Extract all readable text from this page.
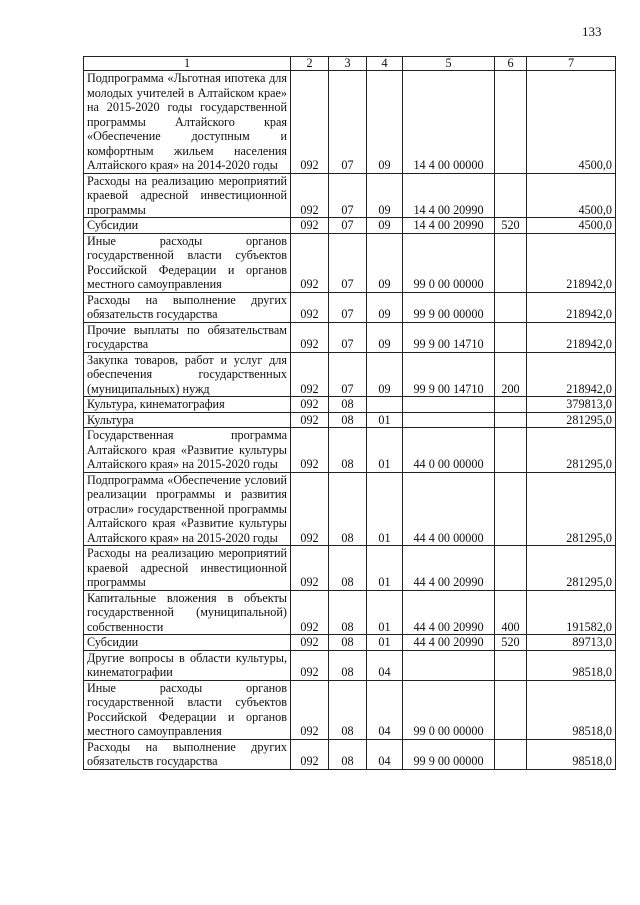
133
1	2	3	4	5	6	7
Подпрограмма «Льготная ипотека для молодых учителей в Алтайском крае» на 2015-2020 годы государственной программы Алтайского края «Обеспечение доступным и комфортным жильем населения Алтайского края» на 2014-2020 годы	092	07	09	14 4 00 00000		4500,0
Расходы на реализацию мероприятий краевой адресной инвестиционной программы	092	07	09	14 4 00 20990		4500,0
Субсидии	092	07	09	14 4 00 20990	520	4500,0
Иные расходы органов государственной власти субъектов Российской Федерации и органов местного самоуправления	092	07	09	99 0 00 00000		218942,0
Расходы на выполнение других обязательств государства	092	07	09	99 9 00 00000		218942,0
Прочие выплаты по обязательствам государства	092	07	09	99 9 00 14710		218942,0
Закупка товаров, работ и услуг для обеспечения государственных (муниципальных) нужд	092	07	09	99 9 00 14710	200	218942,0
Культура, кинематография	092	08				379813,0
Культура	092	08	01			281295,0
Государственная программа Алтайского края «Развитие культуры Алтайского края» на 2015-2020 годы	092	08	01	44 0 00 00000		281295,0
Подпрограмма «Обеспечение условий реализации программы и развития отрасли» государственной программы Алтайского края «Развитие культуры Алтайского края» на 2015-2020 годы	092	08	01	44 4 00 00000		281295,0
Расходы на реализацию мероприятий краевой адресной инвестиционной программы	092	08	01	44 4 00 20990		281295,0
Капитальные вложения в объекты государственной (муниципальной) собственности	092	08	01	44 4 00 20990	400	191582,0
Субсидии	092	08	01	44 4 00 20990	520	89713,0
Другие вопросы в области культуры, кинематографии	092	08	04			98518,0
Иные расходы органов государственной власти субъектов Российской Федерации и органов местного самоуправления	092	08	04	99 0 00 00000		98518,0
Расходы на выполнение других обязательств государства	092	08	04	99 9 00 00000		98518,0
